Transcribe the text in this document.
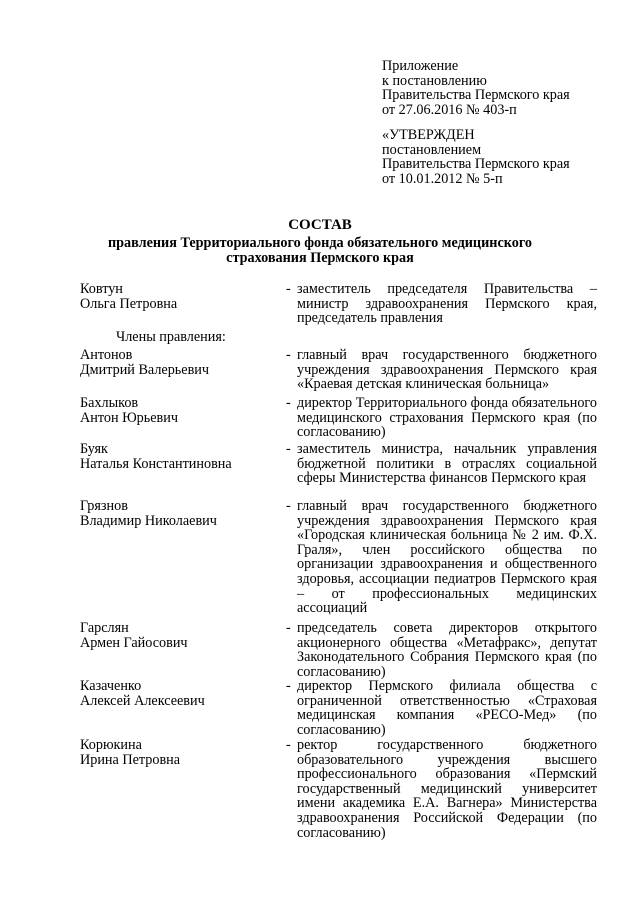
Приложение
к постановлению
Правительства Пермского края
от 27.06.2016 № 403-п
«УТВЕРЖДЕН
постановлением
Правительства Пермского края
от 10.01.2012 № 5-п
СОСТАВ
правления Территориального фонда обязательного медицинского
страхования Пермского края
Ковтун
Ольга Петровна
- заместитель председателя Правительства – министр здравоохранения Пермского края, председатель правления
Члены правления:
Антонов
Дмитрий Валерьевич
- главный врач государственного бюджетного учреждения здравоохранения Пермского края «Краевая детская клиническая больница»
Бахлыков
Антон Юрьевич
- директор Территориального фонда обязательного медицинского страхования Пермского края (по согласованию)
Буяк
Наталья Константиновна
- заместитель министра, начальник управления бюджетной политики в отраслях социальной сферы Министерства финансов Пермского края
Грязнов
Владимир Николаевич
- главный врач государственного бюджетного учреждения здравоохранения Пермского края «Городская клиническая больница № 2 им. Ф.Х. Граля», член российского общества по организации здравоохранения и общественного здоровья, ассоциации педиатров Пермского края – от профессиональных медицинских ассоциаций
Гарслян
Армен Гайосович
- председатель совета директоров открытого акционерного общества «Метафракс», депутат Законодательного Собрания Пермского края (по согласованию)
Казаченко
Алексей Алексеевич
- директор Пермского филиала общества с ограниченной ответственностью «Страховая медицинская компания «РЕСО-Мед» (по согласованию)
Корюкина
Ирина Петровна
- ректор государственного бюджетного образовательного учреждения высшего профессионального образования «Пермский государственный медицинский университет имени академика Е.А. Вагнера» Министерства здравоохранения Российской Федерации (по согласованию)
